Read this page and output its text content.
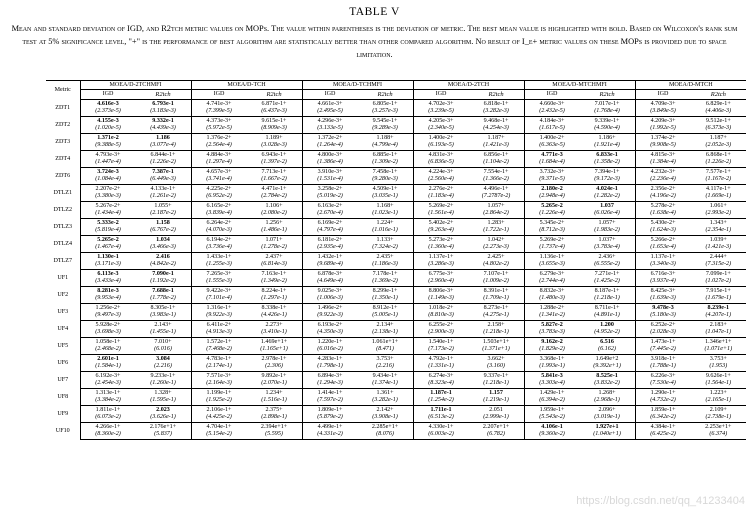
TABLE V
Mean and standard deviation of IGD, and R2tch metric values on MOPs. The value within parentheses is the deviation of metric. The best mean value is highlighted with bold. Based on Wilcoxon's rank sum test at 5% significance level, "+" is the performance of best algorithm are statistically better than other compared algorithm. No result of I_e+ metric values on these MOPs is provided due to space limitation.
Metric	MOEA/D-2TCHMFI		MOEA/D-TCH		MOEA/D-TCHMFI		MOEA/D-2TCH		MOEA/D-MTCHMFI		MOEA/D-MTCH	
	IGD	R2tch	IGD	R2tch	IGD	R2tch	IGD	R2tch	IGD	R2tch	IGD	R2tch
ZDT1	4.616e-3	6.793e-1	4.741e-3+	6.871e-1+	4.661e-3+	6.805e-1+	4.702e-3+	6.818e-1+	4.660e-3+	7.017e-1+	4.709e-3+	6.829e-1+
	(2.373e-5)	(3.183e-3)	(7.399e-5)	(6.437e-3)	(2.495e-5)	(3.257e-3)	(3.239e-5)	(3.282e-3)	(2.432e-5)	(1.768e-4)	(3.849e-5)	(4.406e-3)
ZDT2	4.155e-3	9.332e-1	4.373e-3+	9.615e-1+	4.296e-3+	9.545e-1+	4.205e-3+	9.468e-1+	4.184e-3+	9.339e-1+	4.209e-3+	9.512e-1+
	(1.020e-5)	(4.439e-3)	(5.972e-5)	(8.909e-3)	(3.133e-5)	(9.289e-3)	(2.340e-5)	(4.254e-3)	(1.617e-5)	(4.590e-4)	(1.992e-5)	(6.373e-3)
ZDT3	1.371e-2	1.186	1.376e-2+	1.189+	1.372e-2+	1.188+	1.400e-2+	1.187+	1.400e-2+	1.186+	1.374e-2+	1.187+
	(9.388e-5)	(3.077e-4)	(2.564e-4)	(3.028e-3)	(1.264e-4)	(4.799e-4)	(6.193e-5)	(1.421e-3)	(6.363e-5)	(1.921e-4)	(9.908e-5)	(2.052e-3)
ZDT4	4.793e-3+	6.844e-1+	4.884e-3+	6.943e-1+	4.800e-3+	6.885e-1+	4.831e-3+	6.856e-1+	4.771e-3	6.833e-1	4.815e-3+	6.868e-1+
	(1.447e-4)	(1.226e-2)	(1.297e-4)	(1.397e-2)	(1.386e-4)	(1.309e-2)	(6.836e-5)	(1.104e-2)	(1.684e-4)	(1.358e-2)	(1.384e-4)	(1.226e-2)
ZDT6	3.724e-3	7.387e-1	4.657e-3+	7.713e-1+	3.910e-3+	7.458e-1+	4.224e-3+	7.554e-1+	3.732e-3+	7.394e-1+	4.232e-3+	7.577e-1+
	(1.084e-4)	(6.449e-3)	(3.741e-4)	(1.667e-2)	(1.531e-4)	(9.280e-3)	(2.560e-4)	(1.366e-2)	(9.371e-5)	(9.172e-3)	(2.236e-4)	(1.167e-2)
DTLZ1	2.207e-2+	4.133e-1+	4.225e-2+	4.471e-1+	3.258e-2+	4.509e-1+	2.276e-2+	4.496e-1+	2.180e-2	4.024e-1	2.356e-2+	4.117e-1+
	(3.380e-3)	(1.261e-2)	(6.952e-2)	(2.784e-2)	(5.019e-2)	(3.035e-1)	(1.183e-4)	(7.2787e-2)	(2.948e-4)	(1.282e-2)	(4.196e-2)	(1.669e-1)
DTLZ2	5.267e-2+	1.055+	6.165e-2+	1.106+	6.163e-2+	1.168+	5.269e-2+	1.057+	5.265e-2	1.037	5.278e-2+	1.061+
	(1.434e-4)	(2.187e-2)	(3.839e-4)	(2.080e-2)	(2.670e-4)	(1.023e-1)	(1.561e-4)	(2.864e-2)	(1.226e-4)	(6.026e-4)	(1.638e-4)	(2.993e-2)
DTLZ3	5.333e-2	1.158	6.264e-2+	1.256+	6.169e-2+	1.224+	5.402e-2+	1.283+	5.345e-2+	1.057+	5.430e-2+	1.343+
	(5.819e-4)	(6.767e-2)	(4.070e-3)	(1.486e-1)	(4.797e-4)	(1.016e-1)	(9.263e-4)	(1.722e-1)	(8.712e-3)	(1.983e-2)	(1.624e-3)	(2.354e-1)
DTLZ4	5.265e-2	1.034	6.194e-2+	1.071+	6.181e-2+	1.133+	5.273e-2+	1.042+	5.269e-2+	1.037+	5.266e-2+	1.039+
	(1.467e-4)	(3.466e-3)	(3.736e-4)	(1.278e-2)	(2.935e-4)	(7.324e-2)	(1.360e-4)	(2.273e-3)	(1.737e-4)	(3.783e-4)	(1.653e-4)	(1.421e-3)
DTLZ7	1.130e-1	2.416	1.433e-1+	2.437+	1.432e-1+	2.435+	1.137e-1+	2.425+	1.136e-1+	2.436+	1.137e-1+	2.444+
	(3.171e-3)	(4.842e-2)	(1.255e-3)	(6.814e-3)	(9.689e-4)	(1.186e-3)	(3.286e-3)	(4.802e-2)	(3.655e-3)	(6.555e-2)	(3.340e-3)	(7.315e-2)
UF1	6.113e-3	7.090e-1	7.265e-3+	7.163e-1+	6.878e-3+	7.178e-1+	6.775e-3+	7.107e-1+	6.279e-3+	7.271e-1+	6.716e-3+	7.099e-1+
	(3.433e-4)	(1.192e-2)	(1.555e-3)	(1.349e-2)	(4.649e-4)	(1.369e-2)	(2.960e-4)	(1.009e-2)	(2.744e-4)	(1.425e-2)	(3.937e-4)	(1.027e-2)
UF2	8.281e-3	7.688e-1	9.422e-3+	8.224e-1+	9.025e-3+	8.299e-1+	8.806e-3+	8.391e-1+	8.832e-3+	8.187e-1+	8.425e-3+	7.915e-1+
	(9.953e-4)	(1.778e-2)	(7.101e-4)	(1.297e-1)	(1.006e-3)	(1.350e-1)	(1.149e-3)	(1.709e-1)	(1.480e-3)	(1.218e-1)	(1.639e-3)	(1.679e-1)
UF3	1.256e-2+	8.305e-1+	1.316e-1+	8.338e-1+	1.496e-2+	8.912e-1+	1.018e-2+	8.273e-1+	1.288e-2+	8.711e-1+	9.478e-3	8.239e-1
	(9.497e-3)	(3.983e-1)	(9.922e-3)	(4.426e-1)	(9.922e-3)	(5.005e-1)	(8.810e-3)	(4.275e-1)	(1.341e-2)	(4.891e-1)	(5.180e-3)	(4.207e-1)
UF4	5.928e-2+	2.143+	6.411e-2+	2.273+	6.193e-2+	2.134+	6.255e-2+	2.158+	5.827e-2	1.200	6.252e-2+	2.183+
	(3.698e-3)	(1.455e-1)	(4.913e-3)	(3.410e-1)	(4.350e-3)	(2.138e-1)	(2.900e-3)	(1.218e-1)	(3.783e-3)	(4.952e-2)	(2.028e-3)	(1.047e-1)
UF5	1.058e-1+	7.010+	1.572e-1+	1.469e+1+	1.220e-1+	1.061e+1+	1.540e-1+	1.503e+1+	9.162e-2	6.516	1.473e-1+	1.346e+1+
	(2.468e-2)	(6.016)	(7.468e-2)	(1.165e+1)	(6.016e-2)	(8.471)	(7.173e-2)	(1.371e+1)	(1.829e-2)	(6.162)	(7.445e-2)	(1.071e+1)
UF6	2.601e-1	3.084	4.783e-1+	2.978e-1+	4.283e-1+	3.753+	4.792e-1+	3.662+	3.368e-1+	1.649e+2	3.918e-1+	3.753+
	(1.584e-1)	(2.216)	(2.174e-1)	(2.306)	(1.798e-1)	(2.216)	(1.331e-1)	(3.160)	(1.993e-1)	(9.392e+1)	(1.788e-1)	(1.953)
UF7	6.192e-3+	9.233e-1+	7.571e-3+	9.892e-1+	6.894e-3+	9.434e-1+	6.274e-3+	9.337e-1+	5.841e-3	8.525e-1	6.226e-3+	9.626e-1+
	(2.454e-3)	(1.260e-1)	(2.164e-3)	(2.070e-1)	(1.294e-3)	(1.374e-1)	(8.323e-4)	(1.218e-1)	(3.303e-4)	(3.832e-2)	(7.530e-4)	(1.564e-1)
UF8	1.313e-1+	1.328+	1.199e-1+	1.234+	1.414e-1+	1.361+	1.187e-1	1.157	1.429e-1+	1.268+	1.290e-1+	1.223+
	(3.384e-2)	(1.595e-1)	(1.925e-2)	(1.516e-1)	(7.597e-2)	(3.282e-1)	(1.254e-2)	(1.219e-1)	(6.394e-2)	(2.968e-1)	(4.732e-2)	(2.165e-1)
UF9	1.811e-1+	2.023	2.106e-1+	2.375+	1.809e-1+	2.142+	1.711e-1	2.051	1.959e-1+	2.096+	1.859e-1+	2.109+
	(6.073e-2)	(3.626e-1)	(4.425e-2)	(2.898e-1)	(5.879e-2)	(3.908e-1)	(6.513e-2)	(2.999e-1)	(5.543e-2)	(3.019e-1)	(6.342e-2)	(2.738e-1)
UF10	4.266e-1+	2.176e+1+	4.704e-1+	2.394e+1+	4.499e-1+	2.285e+1+	4.330e-1+	2.207e+1+	4.106e-1	1.927e+1	4.384e-1+	2.253e+1+
	(8.360e-2)	(5.837)	(5.154e-2)	(5.595)	(4.331e-2)	(8.076)	(6.003e-2)	(6.782)	(9.360e-2)	(1.040e+1)	(6.425e-2)	(6.374)
https://blog.csdn.net/qq_41233404
